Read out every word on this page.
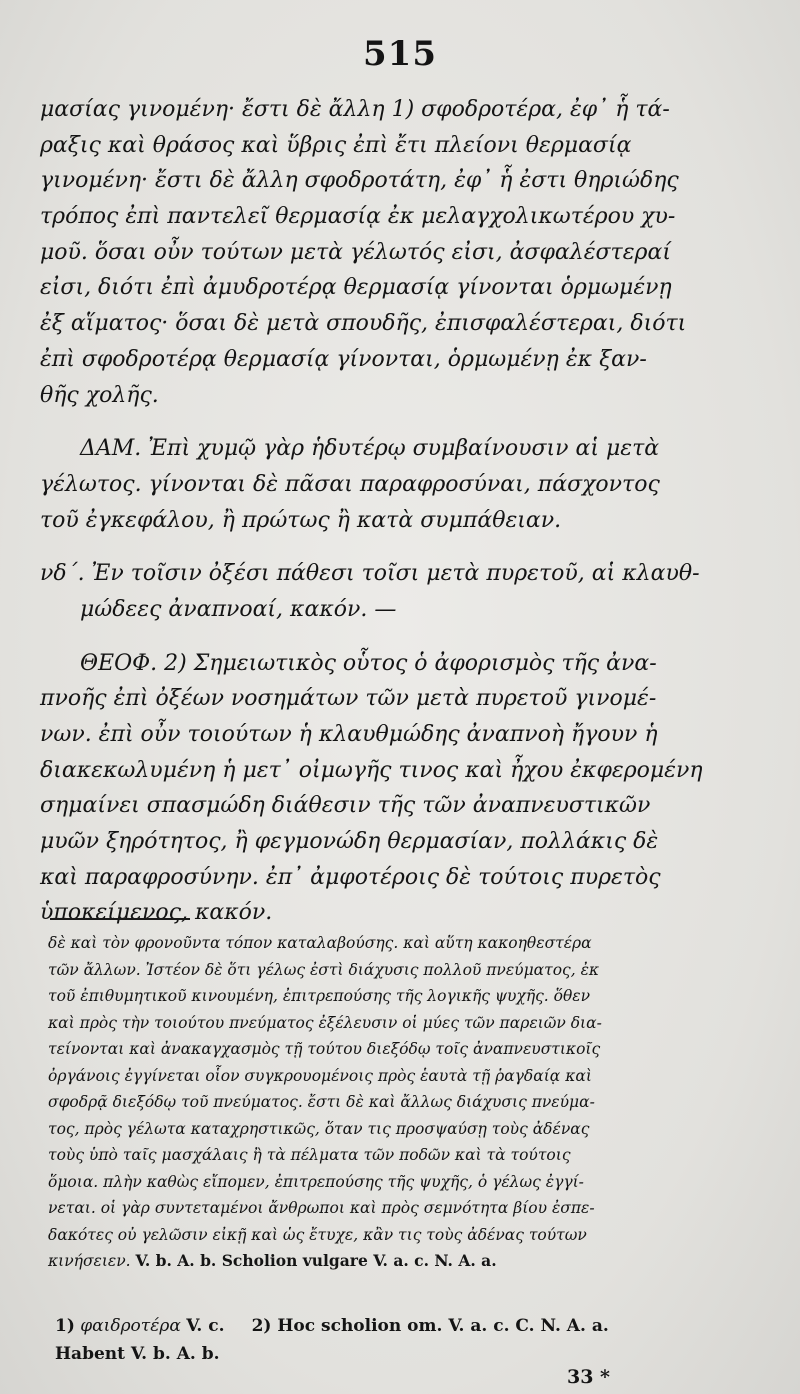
515
μασίας γινομένη· ἔστι δὲ ἄλλη 1) σφοδροτέρα, ἐφ᾽ ἧ τά-
ραξις καὶ θράσος καὶ ὕβρις ἐπὶ ἔτι πλείονι θερμασίᾳ
γινομένη· ἔστι δὲ ἄλλη σφοδροτάτη, ἐφ᾽ ἧ ἐστι θηριώδης
τρόπος ἐπὶ παντελεῖ θερμασίᾳ ἐκ μελαγχολικωτέρου χυ-
μοῦ. ὅσαι οὖν τούτων μετὰ γέλωτός εἰσι, ἀσφαλέστεραί
εἰσι, διότι ἐπὶ ἀμυδροτέρᾳ θερμασίᾳ γίνονται ὁρμωμένῃ
ἐξ αἵματος· ὅσαι δὲ μετὰ σπουδῆς, ἐπισφαλέστεραι, διότι
ἐπὶ σφοδροτέρᾳ θερμασίᾳ γίνονται, ὁρμωμένῃ ἐκ ξαν-
θῆς χολῆς.
ΔΑΜ. Ἐπὶ χυμῷ γὰρ ἡδυτέρῳ συμβαίνουσιν αἱ μετὰ
γέλωτος. γίνονται δὲ πᾶσαι παραφροσύναι, πάσχοντος
τοῦ ἐγκεφάλου, ἢ πρώτως ἢ κατὰ συμπάθειαν.
νδ΄. Ἐν τοῖσιν ὀξέσι πάθεσι τοῖσι μετὰ πυρετοῦ, αἱ κλαυθ-
μώδεες ἀναπνοαί, κακόν. —
ΘΕΟΦ. 2) Σημειωτικὸς οὗτος ὁ ἀφορισμὸς τῆς ἀνα-
πνοῆς ἐπὶ ὀξέων νοσημάτων τῶν μετὰ πυρετοῦ γινομέ-
νων. ἐπὶ οὖν τοιούτων ἡ κλαυθμώδης ἀναπνοὴ ἤγουν ἡ
διακεκωλυμένη ἡ μετ᾽ οἰμωγῆς τινος καὶ ἦχου ἐκφερομένη
σημαίνει σπασμώδη διάθεσιν τῆς τῶν ἀναπνευστικῶν
μυῶν ξηρότητος, ἢ φεγμονώδη θερμασίαν, πολλάκις δὲ
καὶ παραφροσύνην. ἐπ᾽ ἀμφοτέροις δὲ τούτοις πυρετὸς
ὑποκείμενος, κακόν.
δὲ καὶ τὸν φρονοῦντα τόπον καταλαβούσης. καὶ αὕτη κακοηθεστέρα
τῶν ἄλλων. Ἰστέον δὲ ὅτι γέλως ἐστὶ διάχυσις πολλοῦ πνεύματος, ἐκ
τοῦ ἐπιθυμητικοῦ κινουμένη, ἐπιτρεπούσης τῆς λογικῆς ψυχῆς. ὅθεν
καὶ πρὸς τὴν τοιούτου πνεύματος ἐξέλευσιν οἱ μύες τῶν παρειῶν δια-
τείνονται καὶ ἀνακαγχασμὸς τῇ τούτου διεξόδῳ τοῖς ἀναπνευστικοῖς
ὀργάνοις ἐγγίνεται οἷον συγκρουομένοις πρὸς ἑαυτὰ τῇ ῥαγδαίᾳ καὶ
σφοδρᾷ διεξόδῳ τοῦ πνεύματος. ἔστι δὲ καὶ ἄλλως διάχυσις πνεύμα-
τος, πρὸς γέλωτα καταχρηστικῶς, ὅταν τις προσψαύσῃ τοὺς ἀδένας
τοὺς ὑπὸ ταῖς μασχάλαις ἢ τὰ πέλματα τῶν ποδῶν καὶ τὰ τούτοις
ὅμοια. πλὴν καθὼς εἴπομεν, ἐπιτρεπούσης τῆς ψυχῆς, ὁ γέλως ἐγγί-
νεται. οἱ γὰρ συντεταμένοι ἄνθρωποι καὶ πρὸς σεμνότητα βίου ἐσπε-
δακότες οὐ γελῶσιν εἰκῇ καὶ ὡς ἔτυχε, κἂν τις τοὺς ἀδένας τούτων
κινήσειεν. V. b. A. b. Scholion vulgare V. a. c. N. A. a.
1) φαιδροτέρα V. c. 2) Hoc scholion om. V. a. c. C. N. A. a.
Habent V. b. A. b.
33 *
